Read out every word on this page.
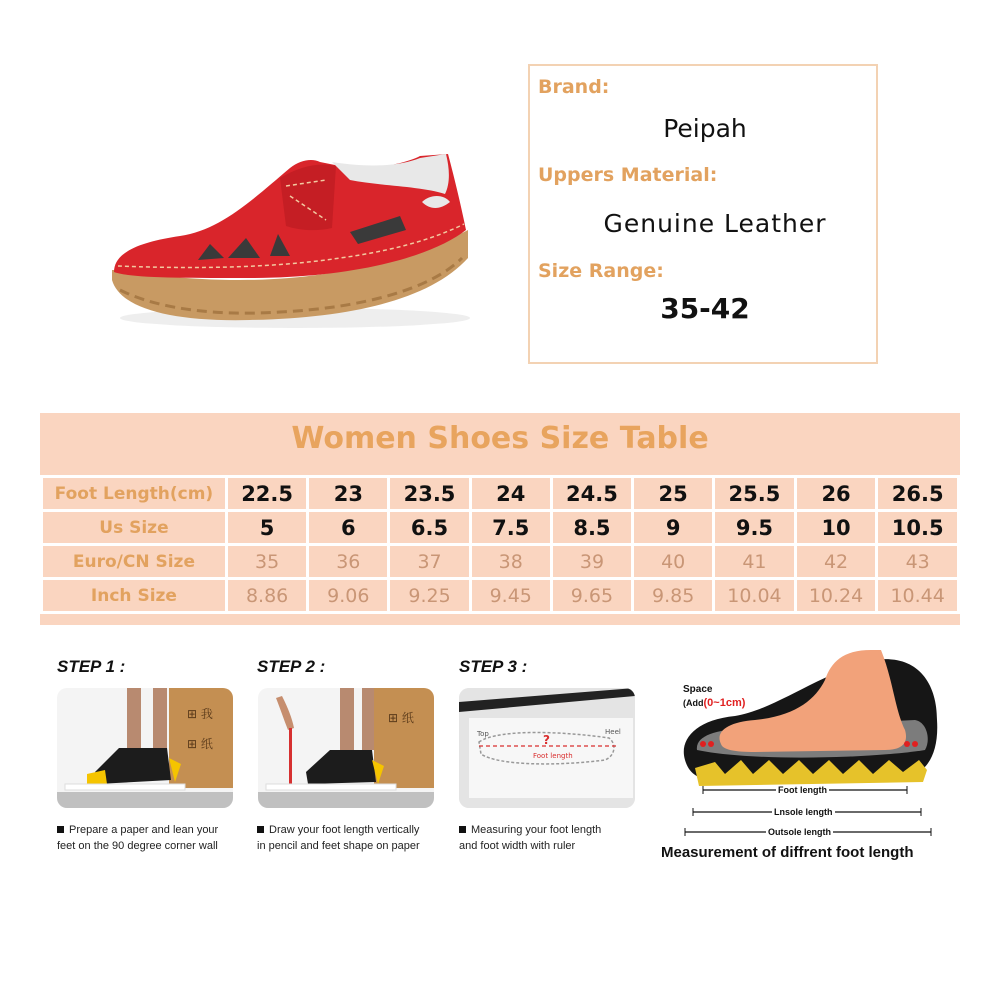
Brand:
Peipah
Uppers Material:
Genuine Leather
Size Range:
35-42
Women Shoes Size Table
Foot Length(cm)	22.5	23	23.5	24	24.5	25	25.5	26	26.5
Us Size	5	6	6.5	7.5	8.5	9	9.5	10	10.5
Euro/CN Size	35	36	37	38	39	40	41	42	43
Inch Size	8.86	9.06	9.25	9.45	9.65	9.85	10.04	10.24	10.44
STEP 1 :	STEP 2 :	STEP 3 :
⊞ 我
⊞ 纸
⊞ 纸
Top	Heel
?
Foot length
Prepare a paper and lean your
feet on the 90 degree corner wall
Draw your foot length vertically
in pencil and feet shape on paper
Measuring your foot length
and foot width with ruler
Space
(Add(0~1cm)
Foot length
Lnsole length
Outsole length
Measurement of diffrent foot length
